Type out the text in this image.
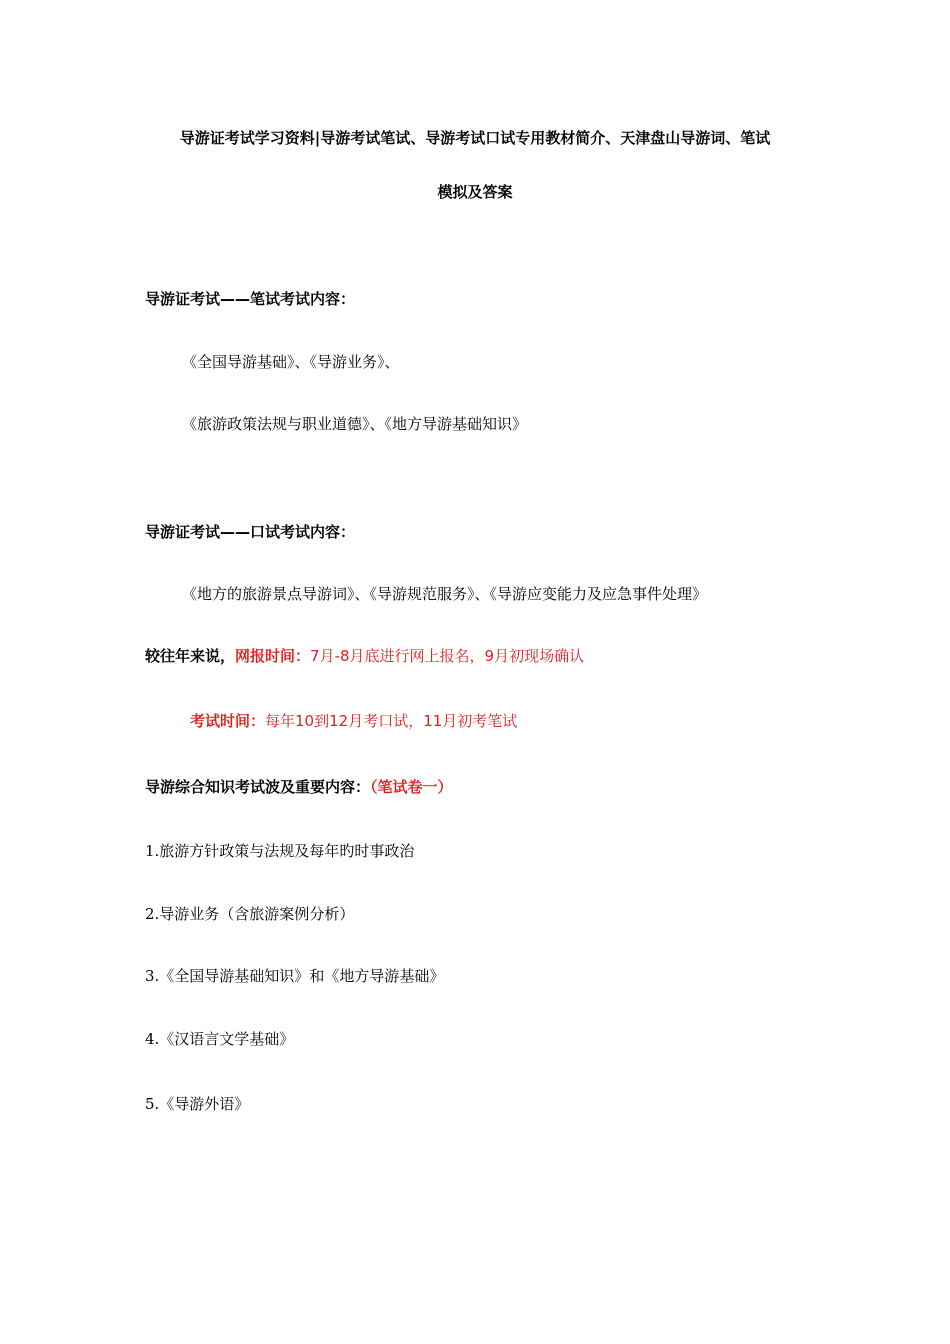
导游证考试学习资料|导游考试笔试、导游考试口试专用教材简介、天津盘山导游词、笔试
模拟及答案
导游证考试——笔试考试内容：
《全国导游基础》、《导游业务》、
《旅游政策法规与职业道德》、《地方导游基础知识》
导游证考试——口试考试内容：
《地方的旅游景点导游词》、《导游规范服务》、《导游应变能力及应急事件处理》
较往年来说，网报时间：7月-8月底进行网上报名，9月初现场确认
考试时间：每年10到12月考口试，11月初考笔试
导游综合知识考试波及重要内容：（笔试卷一）
1.旅游方针政策与法规及每年旳时事政治
2.导游业务（含旅游案例分析）
3.《全国导游基础知识》和《地方导游基础》
4.《汉语言文学基础》
5.《导游外语》
